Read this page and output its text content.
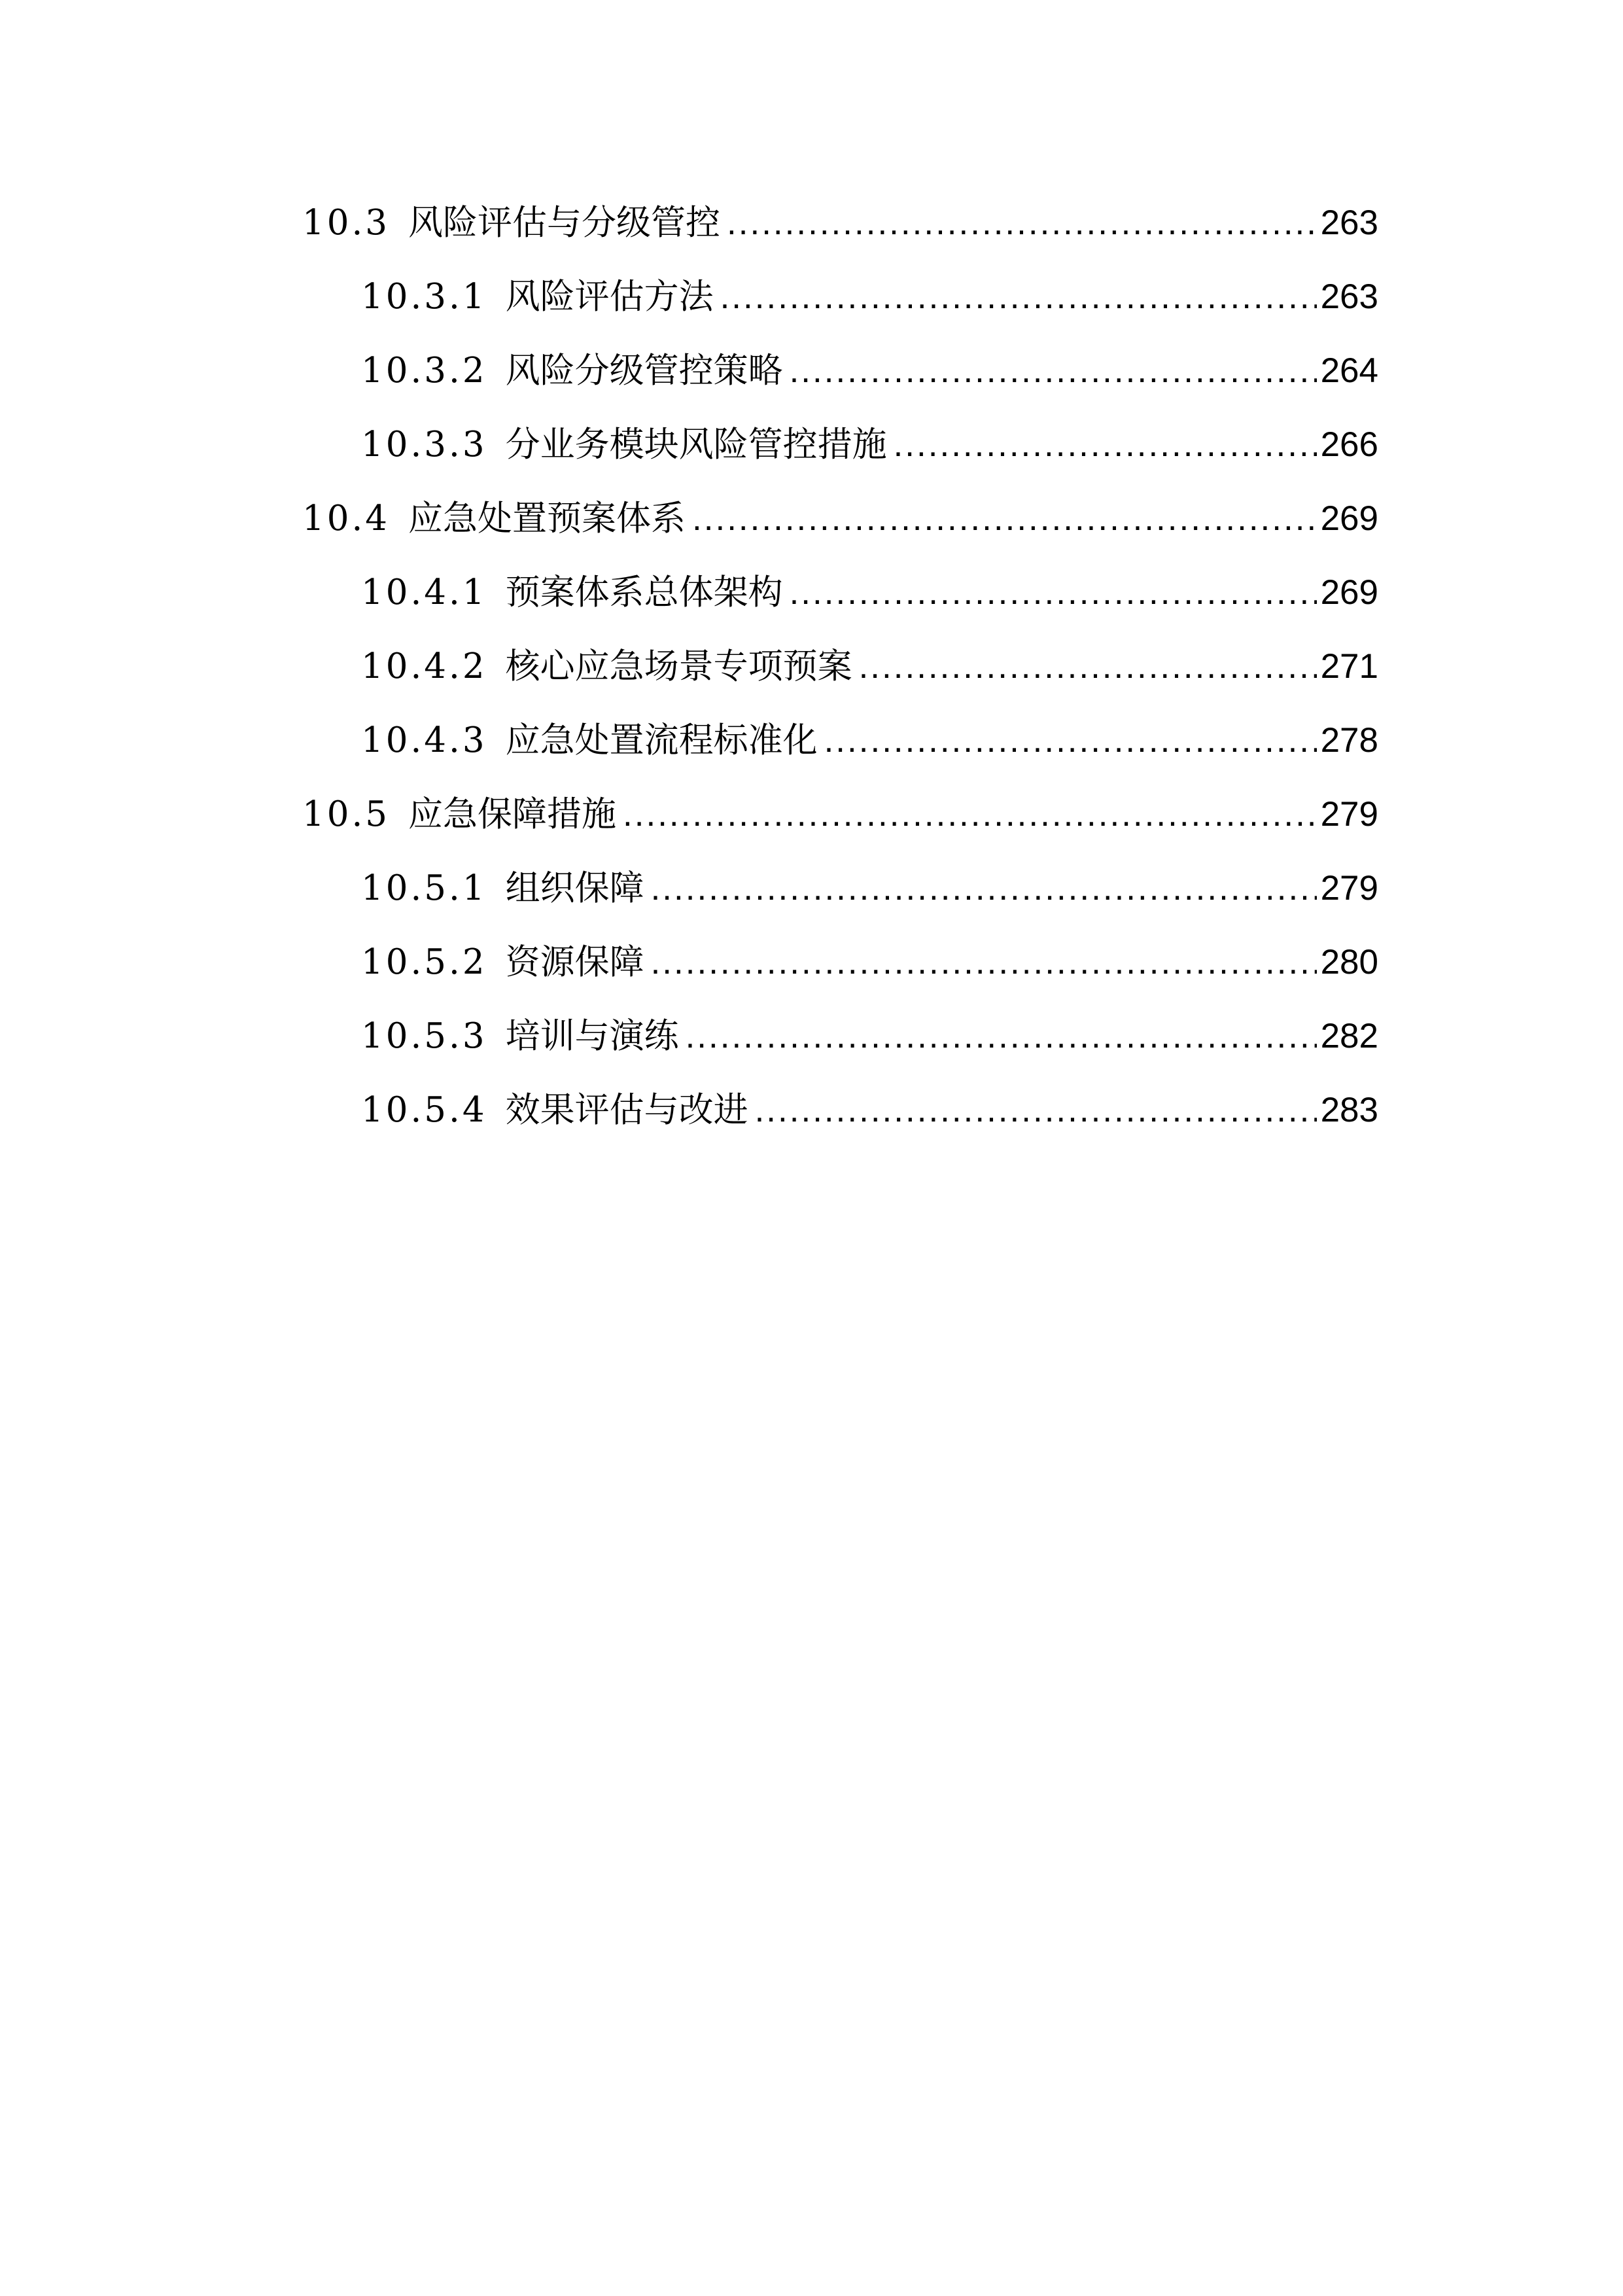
10.3 风险评估与分级管控 .....	263
10.3.1 风险评估方法 .....	263
10.3.2 风险分级管控策略 .....	264
10.3.3 分业务模块风险管控措施 .....	266
10.4 应急处置预案体系 .....	269
10.4.1 预案体系总体架构 .....	269
10.4.2 核心应急场景专项预案 .....	271
10.4.3 应急处置流程标准化 .....	278
10.5 应急保障措施 .....	279
10.5.1 组织保障 .....	279
10.5.2 资源保障 .....	280
10.5.3 培训与演练 .....	282
10.5.4 效果评估与改进 .....	283
